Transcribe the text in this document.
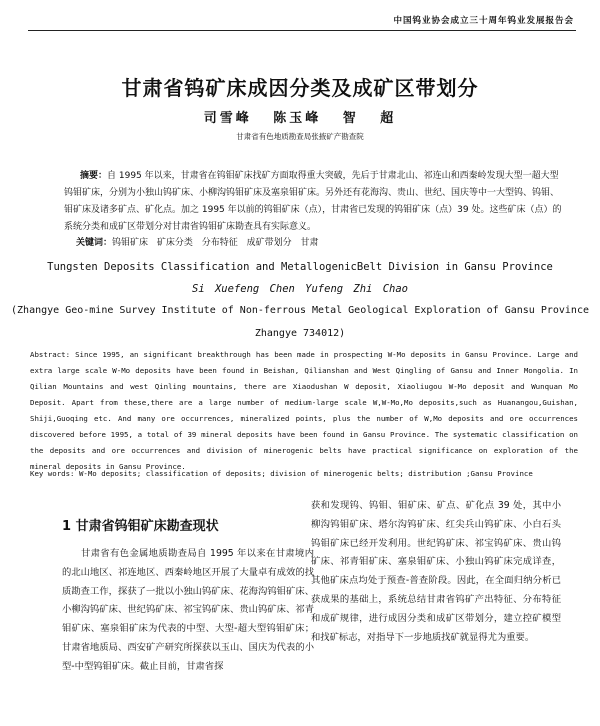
中国钨业协会成立三十周年钨业发展报告会
甘肃省钨矿床成因分类及成矿区带划分
司雪峰 陈玉峰 智 超
甘肃省有色地质勘查局张掖矿产勘查院
摘要：自 1995 年以来，甘肃省在钨钼矿床找矿方面取得重大突破，先后于甘肃北山、祁连山和西秦岭发现大型一超大型钨钼矿床，分别为小独山钨矿床、小柳沟钨钼矿床及塞泉钼矿床。另外还有花海沟、贵山、世纪、国庆等中一大型钨、钨钼、钼矿床及诸多矿点、矿化点。加之 1995 年以前的钨钼矿床（点），甘肃省已发现的钨钼矿床（点）39 处。这些矿床（点）的系统分类和成矿区带划分对甘肃省钨钼矿床勘查具有实际意义。
关键词：钨钼矿床 矿床分类 分布特征 成矿带划分 甘肃
Tungsten Deposits Classification and MetallogenicBelt Division in Gansu Province
Si Xuefeng Chen Yufeng Zhi Chao
(Zhangye Geo-mine Survey Institute of Non-ferrous Metal Geological Exploration of Gansu Province
Zhangye 734012)
Abstract: Since 1995, an significant breakthrough has been made in prospecting W-Mo deposits in Gansu Province. Large and extra large scale W-Mo deposits have been found in Beishan, Qilianshan and West Qingling of Gansu and Inner Mongolia. In Qilian Mountains and west Qinling mountains, there are Xiaodushan W deposit, Xiaoliugou W-Mo deposit and Wunquan Mo Deposit. Apart from these,there are a large number of medium-large scale W,W-Mo,Mo deposits,such as Huanangou,Guishan, Shiji,Guoqing etc. And many ore occurrences, mineralized points, plus the number of W,Mo deposits and ore occurrences discovered before 1995, a total of 39 mineral deposits have been found in Gansu Province. The systematic classification on the deposits and ore occurrences and division of minerogenic belts have practical significance on exploration of the mineral deposits in Gansu Province.
Key words: W-Mo deposits; classification of deposits; division of minerogenic belts; distribution ;Gansu Province
1 甘肃省钨钼矿床勘查现状
甘肃省有色金属地质勘查局自 1995 年以来在甘肃境内的北山地区、祁连地区、西秦岭地区开展了大量卓有成效的找质勘查工作，探获了一批以小独山钨矿床、花海沟钨钼矿床、小柳沟钨矿床、世纪钨矿床、祁宝钨矿床、贵山钨矿床、祁青钼矿床、塞泉钼矿床为代表的中型、大型-超大型钨钼矿床；甘肃省地质局、西安矿产研究所探获以玉山、国庆为代表的小型-中型钨钼矿床。截止目前，甘肃省探
获和发现钨、钨钼、钼矿床、矿点、矿化点 39 处，其中小柳沟钨钼矿床、塔尔沟钨矿床、红尖兵山钨矿床、小白石头钨钼矿床已经开发利用。世纪钨矿床、祁宝钨矿床、贵山钨矿床、祁青钼矿床、塞泉钼矿床、小独山钨矿床完成详查，其他矿床点均处于预查-普查阶段。因此，在全面归纳分析已获成果的基础上，系统总结甘肃省钨矿产出特征、分布特征和成矿规律，进行成因分类和成矿区带划分，建立控矿模型和找矿标志，对指导下一步地质找矿就显得尤为重要。
